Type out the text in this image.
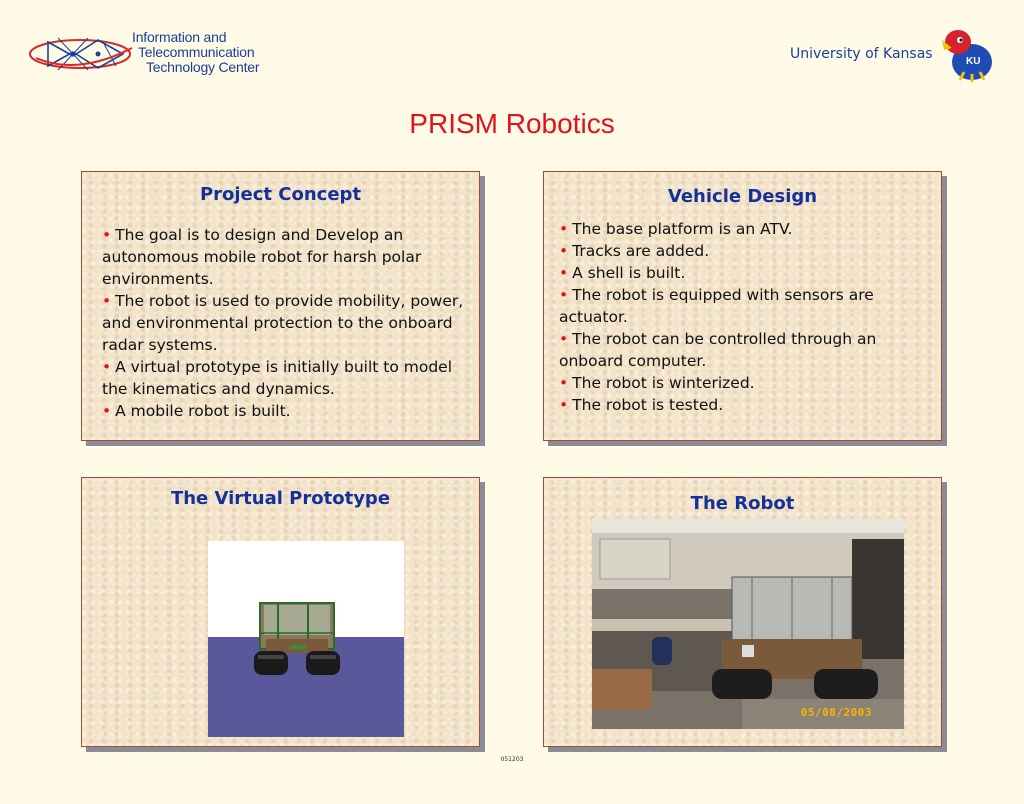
Information and
Telecommunication
Technology Center
University of Kansas	KU
PRISM Robotics
Project Concept
• The goal is to design and Develop an autonomous mobile robot for harsh polar environments.
• The robot is used to provide mobility, power, and environmental protection to the onboard radar systems.
• A virtual prototype is initially built to model the kinematics and dynamics.
• A mobile robot is built.
Vehicle Design
• The base platform is an ATV.
• Tracks are added.
• A shell is built.
• The robot is equipped with sensors are actuator.
• The robot can be controlled through an onboard computer.
• The robot is winterized.
• The robot is tested.
The Virtual Prototype	The Robot
05/08/2003
051203
